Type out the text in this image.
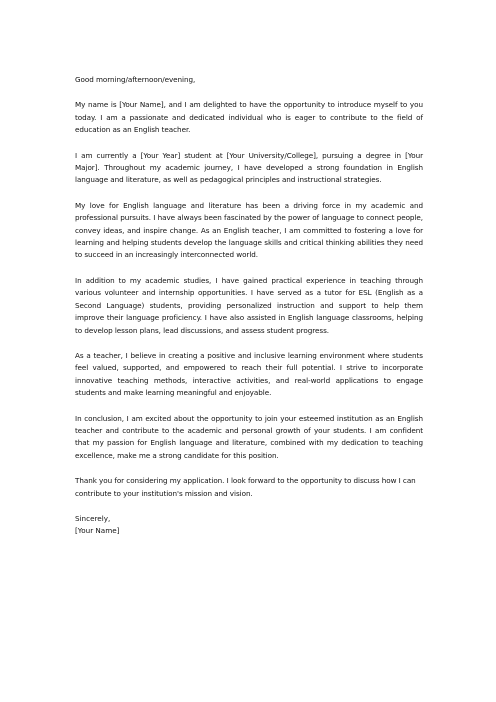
Good morning/afternoon/evening,

My name is [Your Name], and I am delighted to have the opportunity to introduce myself to you today. I am a passionate and dedicated individual who is eager to contribute to the field of education as an English teacher.

I am currently a [Your Year] student at [Your University/College], pursuing a degree in [Your Major]. Throughout my academic journey, I have developed a strong foundation in English language and literature, as well as pedagogical principles and instructional strategies.

My love for English language and literature has been a driving force in my academic and professional pursuits. I have always been fascinated by the power of language to connect people, convey ideas, and inspire change. As an English teacher, I am committed to fostering a love for learning and helping students develop the language skills and critical thinking abilities they need to succeed in an increasingly interconnected world.

In addition to my academic studies, I have gained practical experience in teaching through various volunteer and internship opportunities. I have served as a tutor for ESL (English as a Second Language) students, providing personalized instruction and support to help them improve their language proficiency. I have also assisted in English language classrooms, helping to develop lesson plans, lead discussions, and assess student progress.

As a teacher, I believe in creating a positive and inclusive learning environment where students feel valued, supported, and empowered to reach their full potential. I strive to incorporate innovative teaching methods, interactive activities, and real-world applications to engage students and make learning meaningful and enjoyable.

In conclusion, I am excited about the opportunity to join your esteemed institution as an English teacher and contribute to the academic and personal growth of your students. I am confident that my passion for English language and literature, combined with my dedication to teaching excellence, make me a strong candidate for this position.

Thank you for considering my application. I look forward to the opportunity to discuss how I can contribute to your institution's mission and vision.

Sincerely,
[Your Name]
